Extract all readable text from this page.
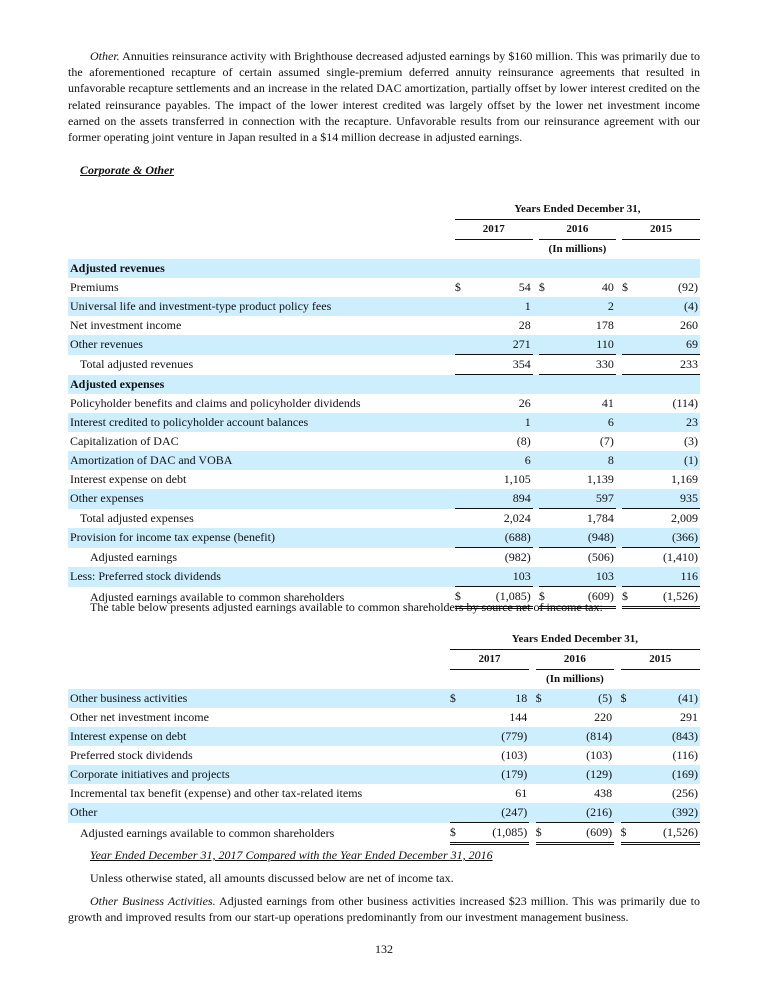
Other. Annuities reinsurance activity with Brighthouse decreased adjusted earnings by $160 million. This was primarily due to the aforementioned recapture of certain assumed single-premium deferred annuity reinsurance agreements that resulted in unfavorable recapture settlements and an increase in the related DAC amortization, partially offset by lower interest credited on the related reinsurance payables. The impact of the lower interest credited was largely offset by the lower net investment income earned on the assets transferred in connection with the recapture. Unfavorable results from our reinsurance agreement with our former operating joint venture in Japan resulted in a $14 million decrease in adjusted earnings.
Corporate & Other
		Years Ended December 31,							
		2017			2016			2015	
		(In millions)							
Adjusted revenues									
Premiums		$	54		$	40		$	(92)
Universal life and investment-type product policy fees			1			2			(4)
Net investment income			28			178			260
Other revenues			271			110			69
Total adjusted revenues			354			330			233
Adjusted expenses									
Policyholder benefits and claims and policyholder dividends			26			41			(114)
Interest credited to policyholder account balances			1			6			23
Capitalization of DAC			(8)			(7)			(3)
Amortization of DAC and VOBA			6			8			(1)
Interest expense on debt			1,105			1,139			1,169
Other expenses			894			597			935
Total adjusted expenses			2,024			1,784			2,009
Provision for income tax expense (benefit)			(688)			(948)			(366)
Adjusted earnings			(982)			(506)			(1,410)
Less: Preferred stock dividends			103			103			116
Adjusted earnings available to common shareholders		$	(1,085)		$	(609)		$	(1,526)
The table below presents adjusted earnings available to common shareholders by source net of income tax:
		Years Ended December 31,							
		2017			2016			2015	
		(In millions)							
Other business activities		$	18		$	(5)		$	(41)
Other net investment income			144			220			291
Interest expense on debt			(779)			(814)			(843)
Preferred stock dividends			(103)			(103)			(116)
Corporate initiatives and projects			(179)			(129)			(169)
Incremental tax benefit (expense) and other tax-related items			61			438			(256)
Other			(247)			(216)			(392)
Adjusted earnings available to common shareholders		$	(1,085)		$	(609)		$	(1,526)
Year Ended December 31, 2017 Compared with the Year Ended December 31, 2016
Unless otherwise stated, all amounts discussed below are net of income tax.
Other Business Activities. Adjusted earnings from other business activities increased $23 million. This was primarily due to growth and improved results from our start-up operations predominantly from our investment management business.
132
